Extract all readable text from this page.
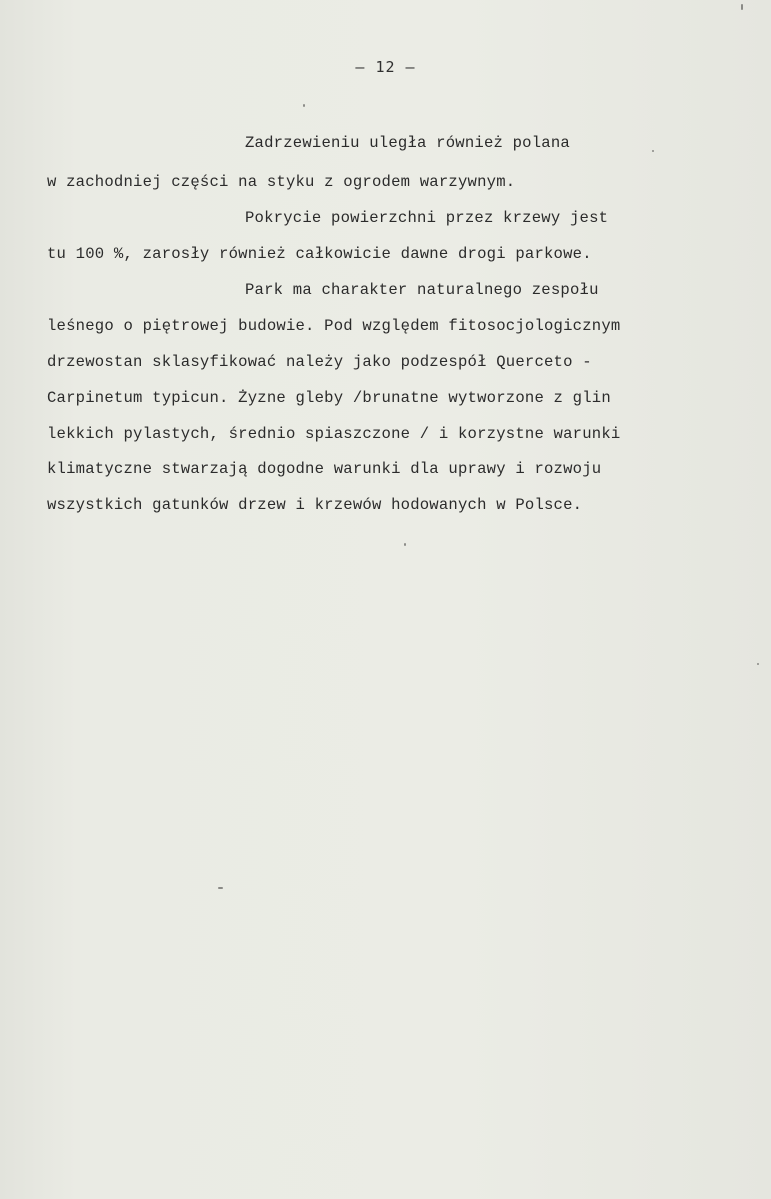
– 12 –
Zadrzewieniu uległa również polana
w zachodniej części na styku z ogrodem warzywnym.
Pokrycie powierzchni przez krzewy jest
tu 100 %, zarosły również całkowicie dawne drogi parkowe.
Park ma charakter naturalnego zespołu
leśnego o piętrowej budowie. Pod względem fitosocjologicznym
drzewostan sklasyfikować należy jako podzespół Querceto -
Carpinetum typicun. Żyzne gleby /brunatne wytworzone z glin
lekkich pylastych, średnio spiaszczone / i korzystne warunki
klimatyczne stwarzają dogodne warunki dla uprawy i rozwoju
wszystkich gatunków drzew i krzewów hodowanych w Polsce.
